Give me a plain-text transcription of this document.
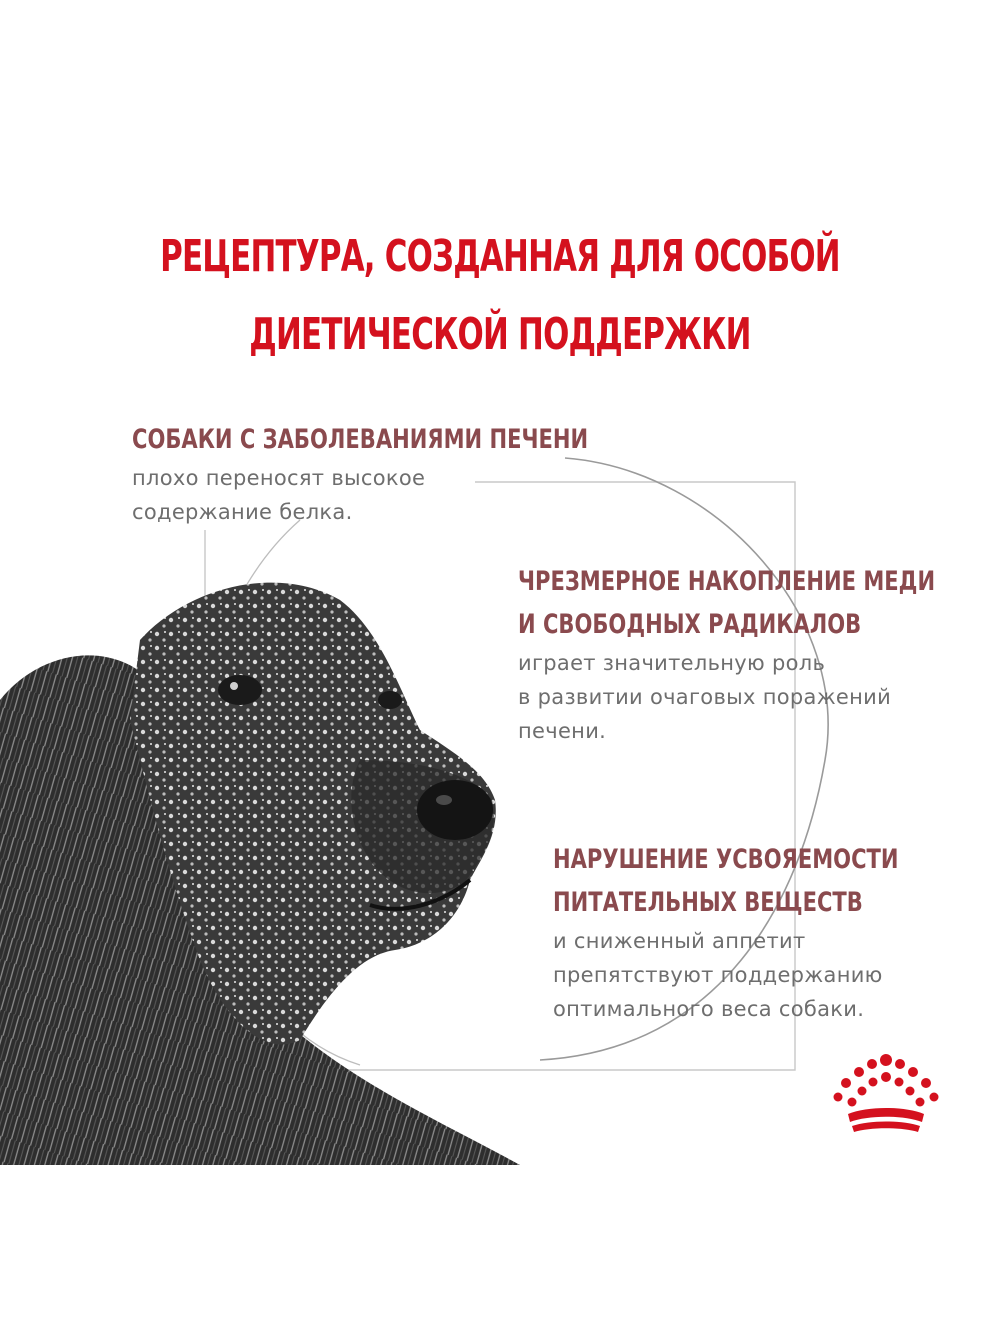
РЕЦЕПТУРА, СОЗДАННАЯ ДЛЯ ОСОБОЙ
ДИЕТИЧЕСКОЙ ПОДДЕРЖКИ
СОБАКИ С ЗАБОЛЕВАНИЯМИ ПЕЧЕНИ
плохо переносят высокое
содержание белка.
ЧРЕЗМЕРНОЕ НАКОПЛЕНИЕ МЕДИ
И СВОБОДНЫХ РАДИКАЛОВ
играет значительную роль
в развитии очаговых поражений
печени.
НАРУШЕНИЕ УСВОЯЕМОСТИ
ПИТАТЕЛЬНЫХ ВЕЩЕСТВ
и сниженный аппетит
препятствуют поддержанию
оптимального веса собаки.
